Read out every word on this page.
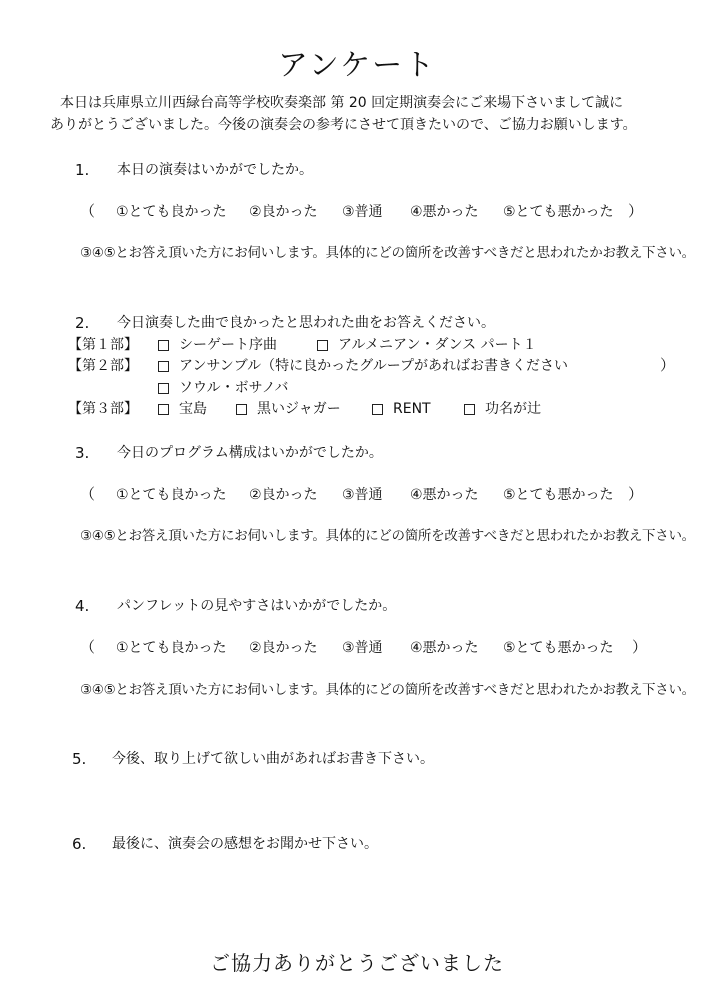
アンケート
本日は兵庫県立川西緑台高等学校吹奏楽部 第 20 回定期演奏会にご来場下さいまして誠に
ありがとうございました。今後の演奏会の参考にさせて頂きたいので、ご協力お願いします。
1. 本日の演奏はいかがでしたか。
（ ①とても良かった ②良かった ③普通 ④悪かった ⑤とても悪かった ）
③④⑤とお答え頂いた方にお伺いします。具体的にどの箇所を改善すべきだと思われたかお教え下さい。
2. 今日演奏した曲で良かったと思われた曲をお答えください。
【第１部】	シーゲート序曲	アルメニアン・ダンス パート１
【第２部】	アンサンブル（特に良かったグループがあればお書きください	）
ソウル・ボサノバ
【第３部】	宝島	黒いジャガー	RENT	功名が辻
3. 今日のプログラム構成はいかがでしたか。
（ ①とても良かった ②良かった ③普通 ④悪かった ⑤とても悪かった ）
③④⑤とお答え頂いた方にお伺いします。具体的にどの箇所を改善すべきだと思われたかお教え下さい。
4. パンフレットの見やすさはいかがでしたか。
（ ①とても良かった ②良かった ③普通 ④悪かった ⑤とても悪かった ）
③④⑤とお答え頂いた方にお伺いします。具体的にどの箇所を改善すべきだと思われたかお教え下さい。
5. 今後、取り上げて欲しい曲があればお書き下さい。
6. 最後に、演奏会の感想をお聞かせ下さい。
ご協力ありがとうございました
